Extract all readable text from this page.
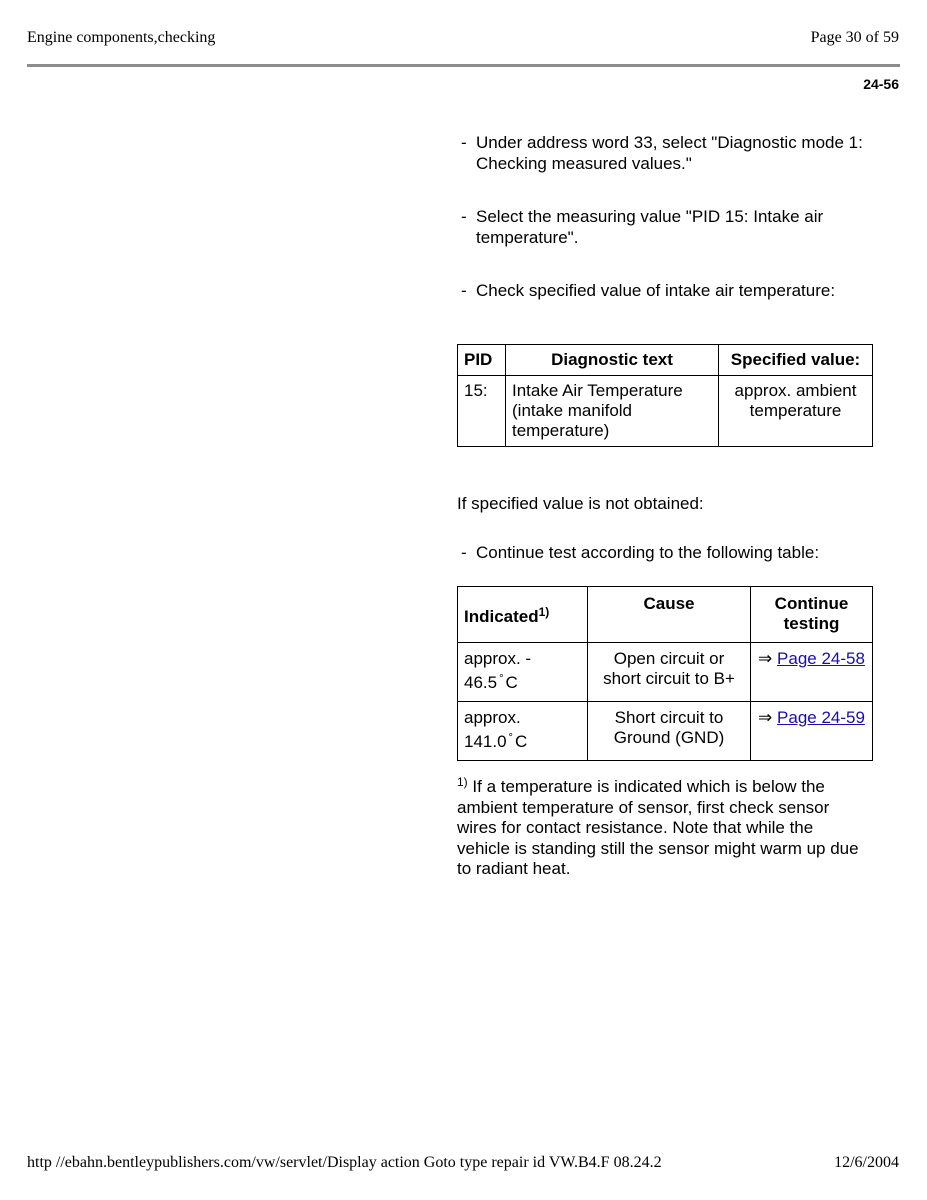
Engine components,checking	Page 30 of 59
24-56
- Under address word 33, select "Diagnostic mode 1: Checking measured values."
- Select the measuring value "PID 15: Intake air temperature".
- Check specified value of intake air temperature:
PID	Diagnostic text	Specified value:
15:	Intake Air Temperature (intake manifold temperature)	approx. ambient temperature
If specified value is not obtained:
- Continue test according to the following table:
Indicated$^{1)}$	Cause	Continue testing
approx. -
46.5 ° C	Open circuit or short circuit to B+	⇒ Page 24-58
approx.
141.0 ° C	Short circuit to Ground (GND)	⇒ Page 24-59
$^{1)}$ If a temperature is indicated which is below the ambient temperature of sensor, first check sensor wires for contact resistance. Note that while the vehicle is standing still the sensor might warm up due to radiant heat.
http //ebahn.bentleypublishers.com/vw/servlet/Display action Goto type repair id VW.B4.F 08.24.2	12/6/2004
